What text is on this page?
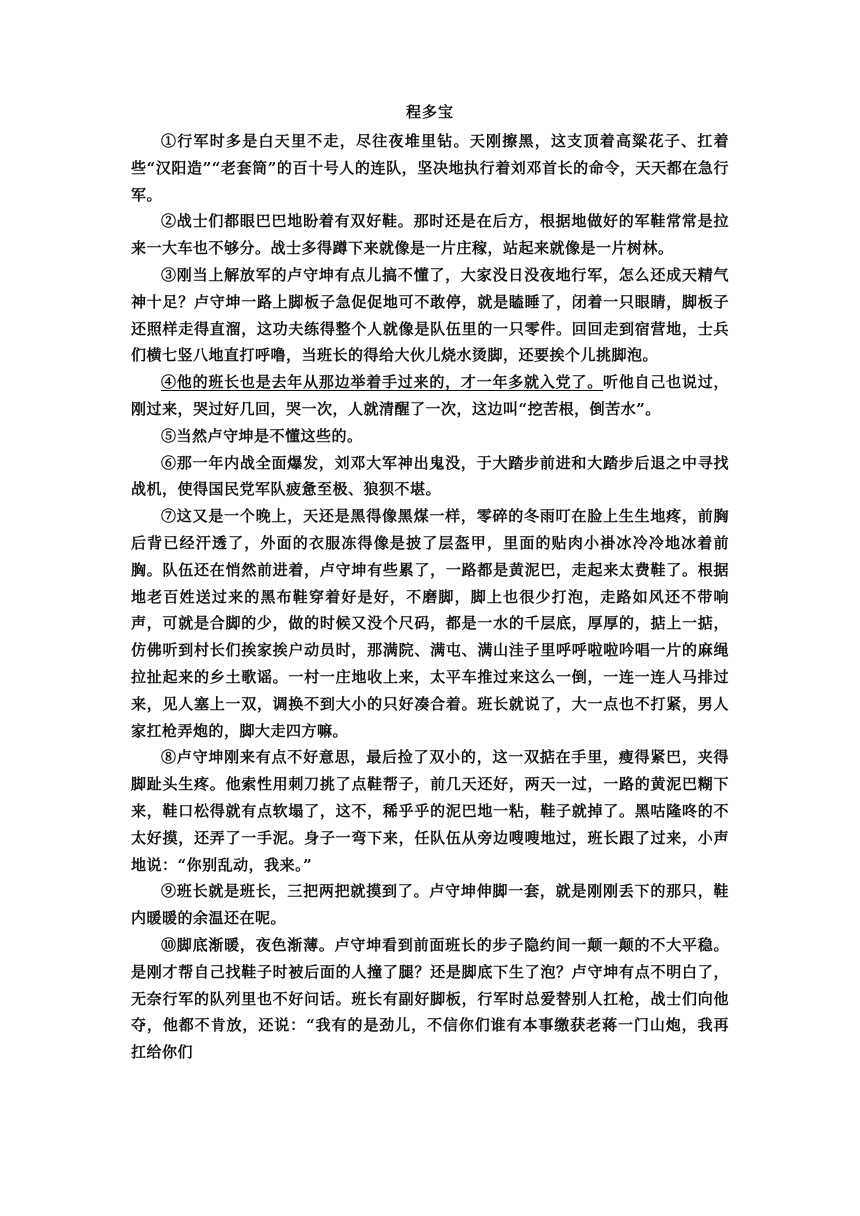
程多宝

①行军时多是白天里不走，尽往夜堆里钻。天刚擦黑，这支顶着高粱花子、扛着些“汉阳造”“老套筒”的百十号人的连队，坚决地执行着刘邓首长的命令，天天都在急行军。

②战士们都眼巴巴地盼着有双好鞋。那时还是在后方，根据地做好的军鞋常常是拉来一大车也不够分。战士多得蹲下来就像是一片庄稼，站起来就像是一片树林。

③刚当上解放军的卢守坤有点儿搞不懂了，大家没日没夜地行军，怎么还成天精气神十足？卢守坤一路上脚板子急促促地可不敢停，就是瞌睡了，闭着一只眼睛，脚板子还照样走得直溜，这功夫练得整个人就像是队伍里的一只零件。回回走到宿营地，士兵们横七竖八地直打呼噜，当班长的得给大伙儿烧水烫脚，还要挨个儿挑脚泡。

④他的班长也是去年从那边举着手过来的，才一年多就入党了。听他自己也说过，刚过来，哭过好几回，哭一次，人就清醒了一次，这边叫“挖苦根，倒苦水”。

⑤当然卢守坤是不懂这些的。

⑥那一年内战全面爆发，刘邓大军神出鬼没，于大踏步前进和大踏步后退之中寻找战机，使得国民党军队疲惫至极、狼狈不堪。

⑦这又是一个晚上，天还是黑得像黑煤一样，零碎的冬雨叮在脸上生生地疼，前胸后背已经汗透了，外面的衣服冻得像是披了层盔甲，里面的贴肉小褂冰冷冷地冰着前胸。队伍还在悄然前进着，卢守坤有些累了，一路都是黄泥巴，走起来太费鞋了。根据地老百姓送过来的黑布鞋穿着好是好，不磨脚，脚上也很少打泡，走路如风还不带响声，可就是合脚的少，做的时候又没个尺码，都是一水的千层底，厚厚的，掂上一掂，仿佛听到村长们挨家挨户动员时，那满院、满屯、满山洼子里呼呼啦啦吟唱一片的麻绳拉扯起来的乡土歌谣。一村一庄地收上来，太平车推过来这么一倒，一连一连人马排过来，见人塞上一双，调换不到大小的只好凑合着。班长就说了，大一点也不打紧，男人家扛枪弄炮的，脚大走四方嘛。

⑧卢守坤刚来有点不好意思，最后捡了双小的，这一双掂在手里，瘦得紧巴，夹得脚趾头生疼。他索性用刺刀挑了点鞋帮子，前几天还好，两天一过，一路的黄泥巴糊下来，鞋口松得就有点软塌了，这不，稀乎乎的泥巴地一粘，鞋子就掉了。黑咕隆咚的不太好摸，还弄了一手泥。身子一弯下来，任队伍从旁边嗖嗖地过，班长跟了过来，小声地说：“你别乱动，我来。”

⑨班长就是班长，三把两把就摸到了。卢守坤伸脚一套，就是刚刚丢下的那只，鞋内暖暖的余温还在呢。

⑩脚底渐暖，夜色渐薄。卢守坤看到前面班长的步子隐约间一颠一颠的不大平稳。是刚才帮自己找鞋子时被后面的人撞了腿？还是脚底下生了泡？卢守坤有点不明白了，无奈行军的队列里也不好问话。班长有副好脚板，行军时总爱替别人扛枪，战士们向他夺，他都不肯放，还说：“我有的是劲儿，不信你们谁有本事缴获老蒋一门山炮，我再扛给你们
